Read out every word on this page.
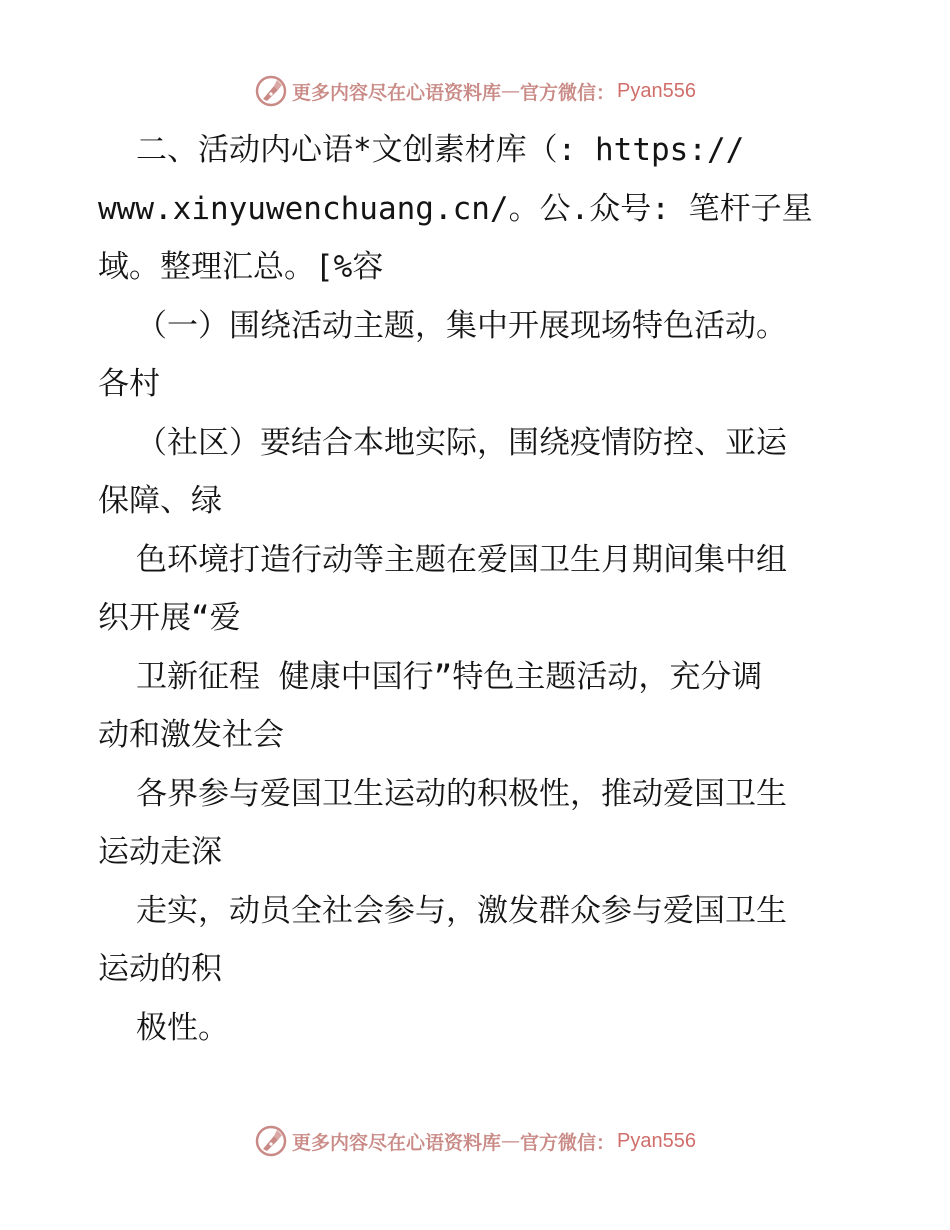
更多内容尽在心语资料库 — 官方微信： Pyan556
二、活动内心语*文创素材库（: https://
www.xinyuwenchuang.cn/。公.众号: 笔杆子星
域。整理汇总。[%容
（一）围绕活动主题，集中开展现场特色活动。
各村
（社区）要结合本地实际，围绕疫情防控、亚运
保障、绿
色环境打造行动等主题在爱国卫生月期间集中组
织开展“爱
卫新征程 健康中国行”特色主题活动，充分调
动和激发社会
各界参与爱国卫生运动的积极性，推动爱国卫生
运动走深
走实，动员全社会参与，激发群众参与爱国卫生
运动的积
极性。
更多内容尽在心语资料库 — 官方微信： Pyan556
